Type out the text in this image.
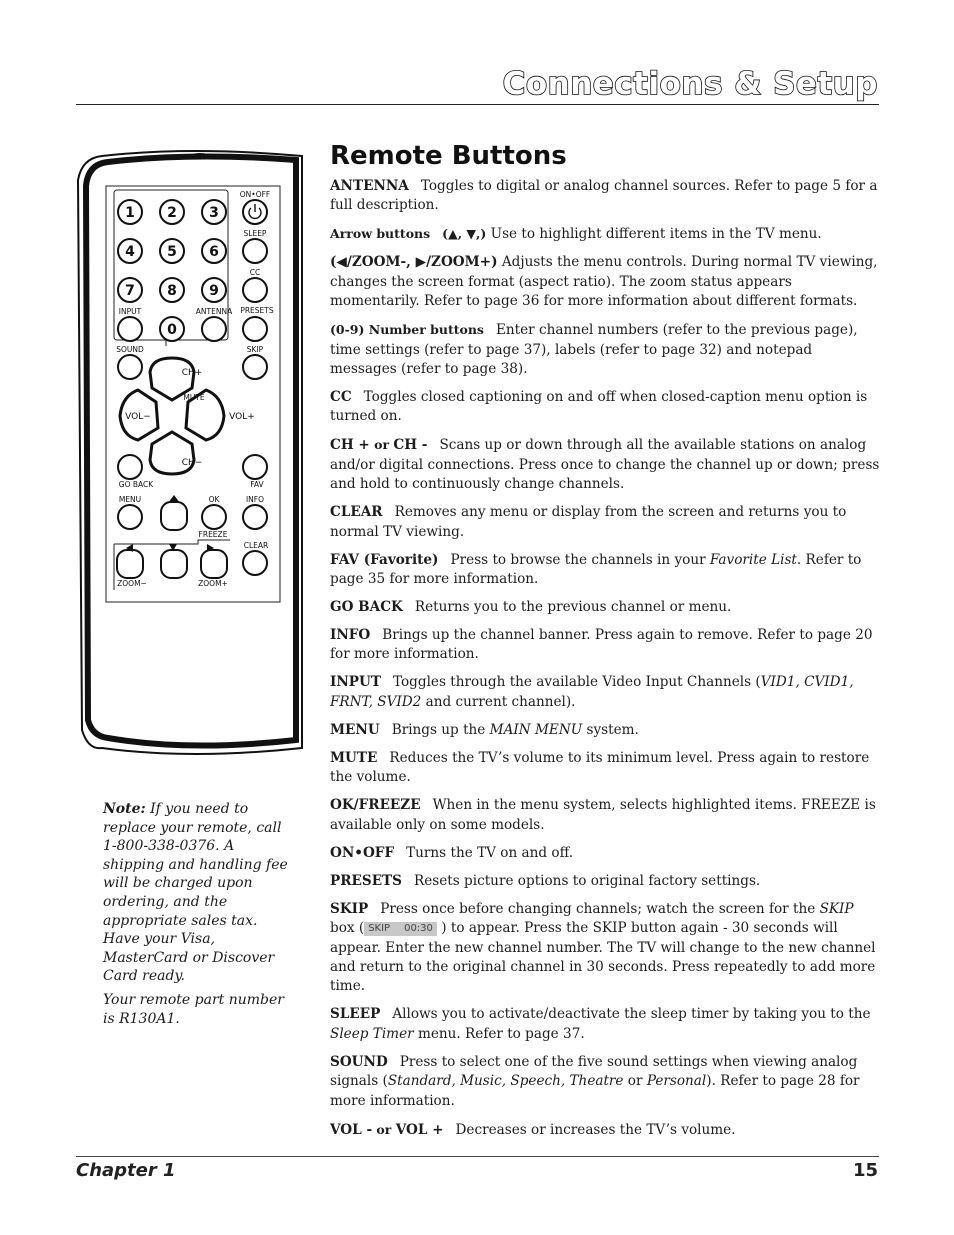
Connections & Setup
1 2 3
4 5 6
7 8 9
0
ON•OFF
SLEEP
CC
INPUT	ANTENNA PRESETS
SOUND	SKIP
CH+
MUTE
VOL−	VOL+
CH−
GO BACK	FAV
MENU	OK	INFO
FREEZE
CLEAR
ZOOM−	ZOOM+

Note: If you need to replace your remote, call 1-800-338-0376. A shipping and handling fee will be charged upon ordering, and the appropriate sales tax. Have your Visa, MasterCard or Discover Card ready.

Your remote part number is R130A1.

Remote Buttons

ANTENNA Toggles to digital or analog channel sources. Refer to page 5 for a full description.

Arrow buttons (▲, ▼,) Use to highlight different items in the TV menu.

(◀/ZOOM-, ▶/ZOOM+) Adjusts the menu controls. During normal TV viewing, changes the screen format (aspect ratio). The zoom status appears momentarily. Refer to page 36 for more information about different formats.

(0-9) Number buttons Enter channel numbers (refer to the previous page), time settings (refer to page 37), labels (refer to page 32) and notepad messages (refer to page 38).

CC Toggles closed captioning on and off when closed-caption menu option is turned on.

CH + or CH - Scans up or down through all the available stations on analog and/or digital connections. Press once to change the channel up or down; press and hold to continuously change channels.

CLEAR Removes any menu or display from the screen and returns you to normal TV viewing.

FAV (Favorite) Press to browse the channels in your Favorite List. Refer to page 35 for more information.

GO BACK Returns you to the previous channel or menu.

INFO Brings up the channel banner. Press again to remove. Refer to page 20 for more information.

INPUT Toggles through the available Video Input Channels (VID1, CVID1, FRNT, SVID2 and current channel).

MENU Brings up the MAIN MENU system.

MUTE Reduces the TV’s volume to its minimum level. Press again to restore the volume.

OK/FREEZE When in the menu system, selects highlighted items. FREEZE is available only on some models.

ON•OFF Turns the TV on and off.

PRESETS Resets picture options to original factory settings.

SKIP Press once before changing channels; watch the screen for the SKIP box ( SKIP 00:30 ) to appear. Press the SKIP button again - 30 seconds will appear. Enter the new channel number. The TV will change to the new channel and return to the original channel in 30 seconds. Press repeatedly to add more time.

SLEEP Allows you to activate/deactivate the sleep timer by taking you to the Sleep Timer menu. Refer to page 37.

SOUND Press to select one of the five sound settings when viewing analog signals (Standard, Music, Speech, Theatre or Personal). Refer to page 28 for more information.

VOL - or VOL + Decreases or increases the TV’s volume.

Chapter 1	15
